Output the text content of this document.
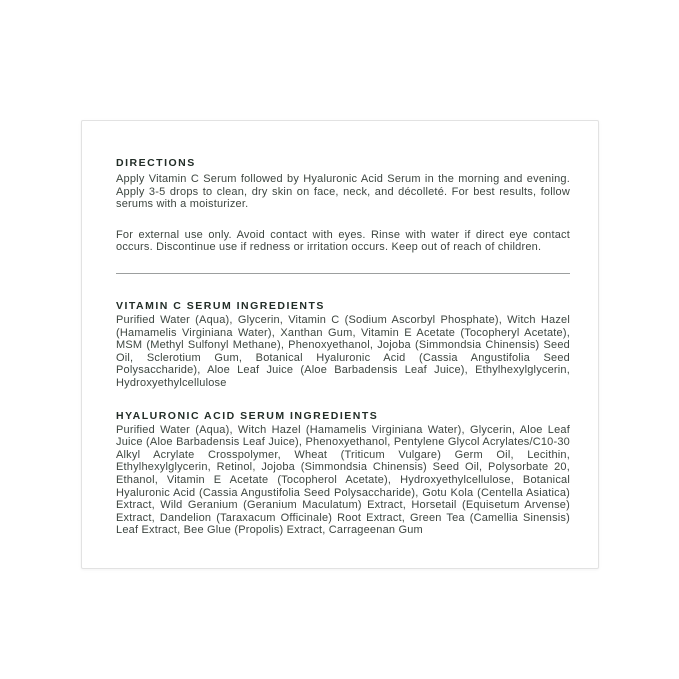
DIRECTIONS

Apply Vitamin C Serum followed by Hyaluronic Acid Serum in the morning and evening. Apply 3-5 drops to clean, dry skin on face, neck, and décolleté. For best results, follow serums with a moisturizer.

For external use only. Avoid contact with eyes. Rinse with water if direct eye contact occurs. Discontinue use if redness or irritation occurs. Keep out of reach of children.

VITAMIN C SERUM INGREDIENTS

Purified Water (Aqua), Glycerin, Vitamin C (Sodium Ascorbyl Phosphate), Witch Hazel (Hamamelis Virginiana Water), Xanthan Gum, Vitamin E Acetate (Tocopheryl Acetate), MSM (Methyl Sulfonyl Methane), Phenoxyethanol, Jojoba (Simmondsia Chinensis) Seed Oil, Sclerotium Gum, Botanical Hyaluronic Acid (Cassia Angustifolia Seed Polysaccharide), Aloe Leaf Juice (Aloe Barbadensis Leaf Juice), Ethylhexylglycerin, Hydroxyethylcellulose

HYALURONIC ACID SERUM INGREDIENTS

Purified Water (Aqua), Witch Hazel (Hamamelis Virginiana Water), Glycerin, Aloe Leaf Juice (Aloe Barbadensis Leaf Juice), Phenoxyethanol, Pentylene Glycol Acrylates/C10-30 Alkyl Acrylate Crosspolymer, Wheat (Triticum Vulgare) Germ Oil, Lecithin, Ethylhexylglycerin, Retinol, Jojoba (Simmondsia Chinensis) Seed Oil, Polysorbate 20, Ethanol, Vitamin E Acetate (Tocopherol Acetate), Hydroxyethylcellulose, Botanical Hyaluronic Acid (Cassia Angustifolia Seed Polysaccharide), Gotu Kola (Centella Asiatica) Extract, Wild Geranium (Geranium Maculatum) Extract, Horsetail (Equisetum Arvense) Extract, Dandelion (Taraxacum Officinale) Root Extract, Green Tea (Camellia Sinensis) Leaf Extract, Bee Glue (Propolis) Extract, Carrageenan Gum
